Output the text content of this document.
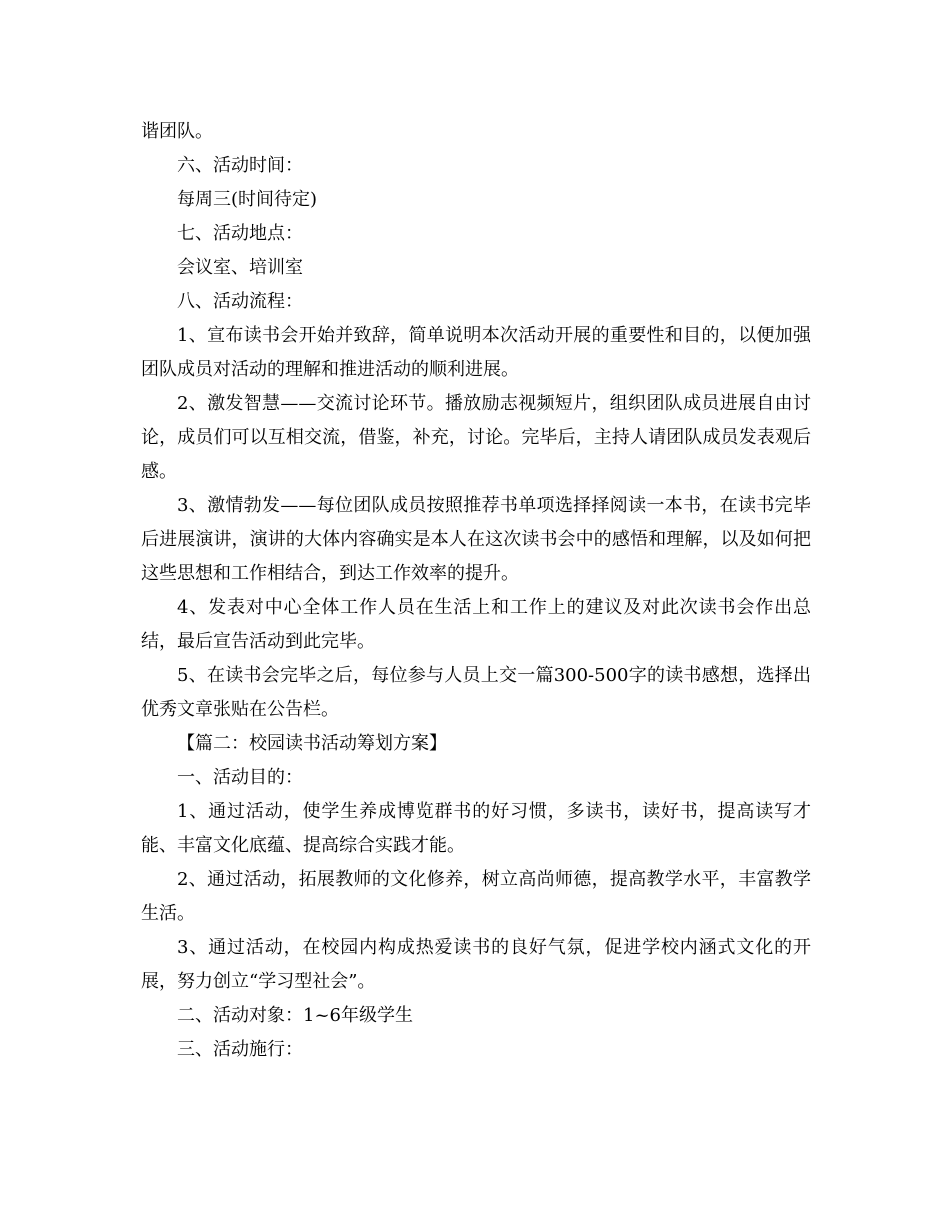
谐团队。

六、活动时间：

每周三(时间待定)

七、活动地点：

会议室、培训室

八、活动流程：

1、宣布读书会开始并致辞，简单说明本次活动开展的重要性和目的，以便加强团队成员对活动的理解和推进活动的顺利进展。

2、激发智慧——交流讨论环节。播放励志视频短片，组织团队成员进展自由讨论，成员们可以互相交流，借鉴，补充，讨论。完毕后，主持人请团队成员发表观后感。

3、激情勃发——每位团队成员按照推荐书单项选择择阅读一本书，在读书完毕后进展演讲，演讲的大体内容确实是本人在这次读书会中的感悟和理解，以及如何把这些思想和工作相结合，到达工作效率的提升。

4、发表对中心全体工作人员在生活上和工作上的建议及对此次读书会作出总结，最后宣告活动到此完毕。

5、在读书会完毕之后，每位参与人员上交一篇300-500字的读书感想，选择出优秀文章张贴在公告栏。

【篇二：校园读书活动筹划方案】

一、活动目的：

1、通过活动，使学生养成博览群书的好习惯，多读书，读好书，提高读写才能、丰富文化底蕴、提高综合实践才能。

2、通过活动，拓展教师的文化修养，树立高尚师德，提高教学水平，丰富教学生活。

3、通过活动，在校园内构成热爱读书的良好气氛，促进学校内涵式文化的开展，努力创立“学习型社会”。

二、活动对象：1~6年级学生

三、活动施行：
